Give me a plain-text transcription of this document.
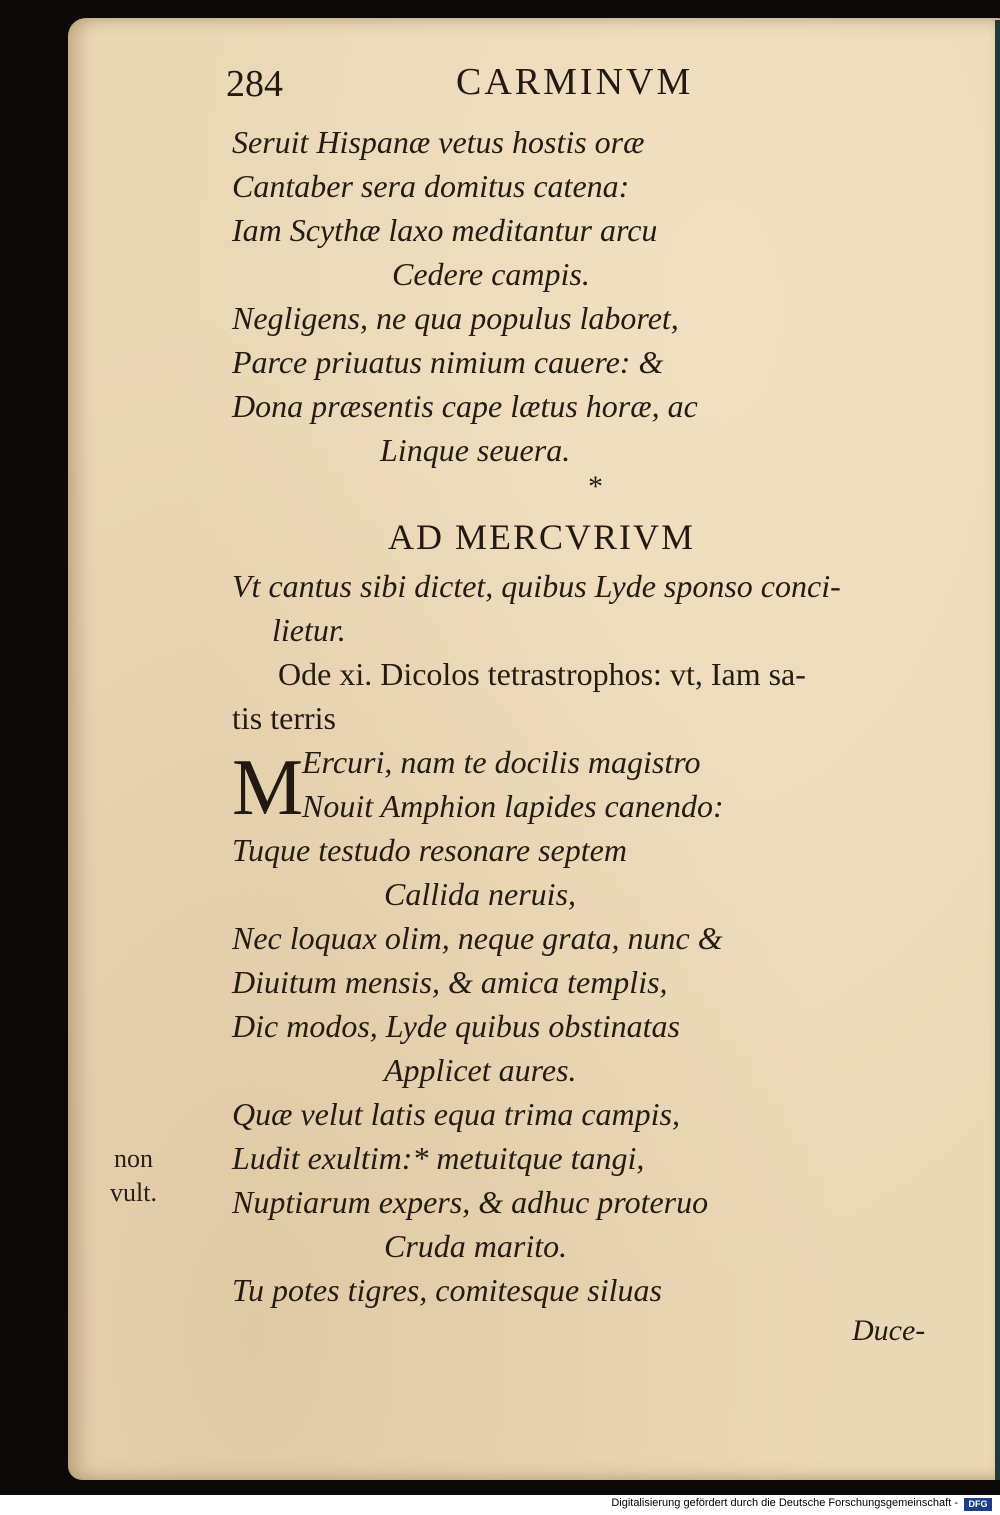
284	CARMINVM
Seruit Hispanæ vetus hostis oræ
Cantaber sera domitus catena:
Iam Scythæ laxo meditantur arcu
Cedere campis.
Negligens, ne qua populus laboret,
Parce priuatus nimium cauere: &
Dona præsentis cape lætus horæ, ac
Linque seuera.
*
AD MERCVRIVM
Vt cantus sibi dictet, quibus Lyde sponso conci-
lietur.
Ode xi. Dicolos tetrastrophos: vt, Iam sa-
tis terris
M
Ercuri, nam te docilis magistro
Nouit Amphion lapides canendo:
Tuque testudo resonare septem
Callida neruis,
Nec loquax olim, neque grata, nunc &
Diuitum mensis, & amica templis,
Dic modos, Lyde quibus obstinatas
Applicet aures.
Quæ velut latis equa trima campis,
Ludit exultim:* metuitque tangi,
Nuptiarum expers, & adhuc proteruo
Cruda marito.
Tu potes tigres, comitesque siluas
non
vult.
Duce-
Digitalisierung gefördert durch die Deutsche Forschungsgemeinschaft -	DFG
